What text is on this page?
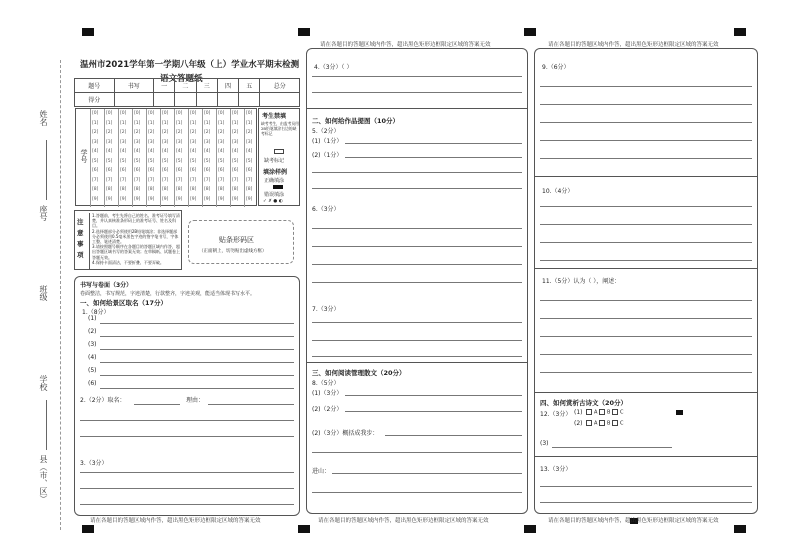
姓名
座号
班级
学校
县（市、区）
温州市2021学年第一学期八年级（上）学业水平期末检测
语文答题纸
题号	书写	一	二	三	四	五	总分
得分							
学号
[0]
[1]
[2]
[3]
[4]
[5]
[6]
[7]
[8]
[9]
[0]
[1]
[2]
[3]
[4]
[5]
[6]
[7]
[8]
[9]
[0]
[1]
[2]
[3]
[4]
[5]
[6]
[7]
[8]
[9]
[0]
[1]
[2]
[3]
[4]
[5]
[6]
[7]
[8]
[9]
[0]
[1]
[2]
[3]
[4]
[5]
[6]
[7]
[8]
[9]
[0]
[1]
[2]
[3]
[4]
[5]
[6]
[7]
[8]
[9]
[0]
[1]
[2]
[3]
[4]
[5]
[6]
[7]
[8]
[9]
[0]
[1]
[2]
[3]
[4]
[5]
[6]
[7]
[8]
[9]
[0]
[1]
[2]
[3]
[4]
[5]
[6]
[7]
[8]
[9]
[0]
[1]
[2]
[3]
[4]
[5]
[6]
[7]
[8]
[9]
[0]
[1]
[2]
[3]
[4]
[5]
[6]
[7]
[8]
[9]
[0]
[1]
[2]
[3]
[4]
[5]
[6]
[7]
[8]
[9]
考生禁填
缺考考生，由监考员用2B铅笔填涂右边的缺考标记
缺考标记
填涂样例
正确填涂
错误填涂
✓ ✗ ● ◐
注意事项
1.答题前，考生先将自己的姓名、准考证号填写清楚，并认真核准条形码上的准考证号、姓名及科目。
2.选择题部分必须使用2B铅笔填涂；非选择题部分必须使用0.5毫米黑色字迹的签字笔书写，字体工整、笔迹清楚。
3.请按照题号顺序在各题目的答题区域内作答，超出答题区域书写的答案无效；在草稿纸、试题卷上答题无效。
4.保持卡面清洁，不要折叠、不要弄破。
贴条形码区
（正面朝上，切勿贴出虚线方框）
书写与卷面（3分）
卷面整洁，书写规范，字迹清楚，行款整齐，字迹美观，能适当体现书写水平。
一、如何给景区取名（17分）
1.（8分）
(1)
(2)
(3)
(4)
(5)
(6)
2.（2分）取名：	理由：
3.（3分）
请在各题目的答题区域内作答，超出黑色矩形边框限定区域的答案无效
请在各题目的答题区域内作答，超出黑色矩形边框限定区域的答案无效
4.（3分）（ ）
二、如何给作品提图（10分）
5.（2分）
(1)（1分）
(2)（1分）
6.（3分）
7.（3分）
三、如何阅读管理散文（20分）
8.（5分）
(1)（3分）
(2)（2分）
(2)（3分）概括成我步：
进山：
请在各题目的答题区域内作答，超出黑色矩形边框限定区域的答案无效
请在各题目的答题区域内作答，超出黑色矩形边框限定区域的答案无效
9.（6分）
10.（4分）
11.（5分）认为（ ），阐述：
四、如何赏析古诗文（20分）
12.（3分） (1)	A B C
(2)	A B C
(3)
13.（3分）
请在各题目的答题区域内作答，超出黑色矩形边框限定区域的答案无效
